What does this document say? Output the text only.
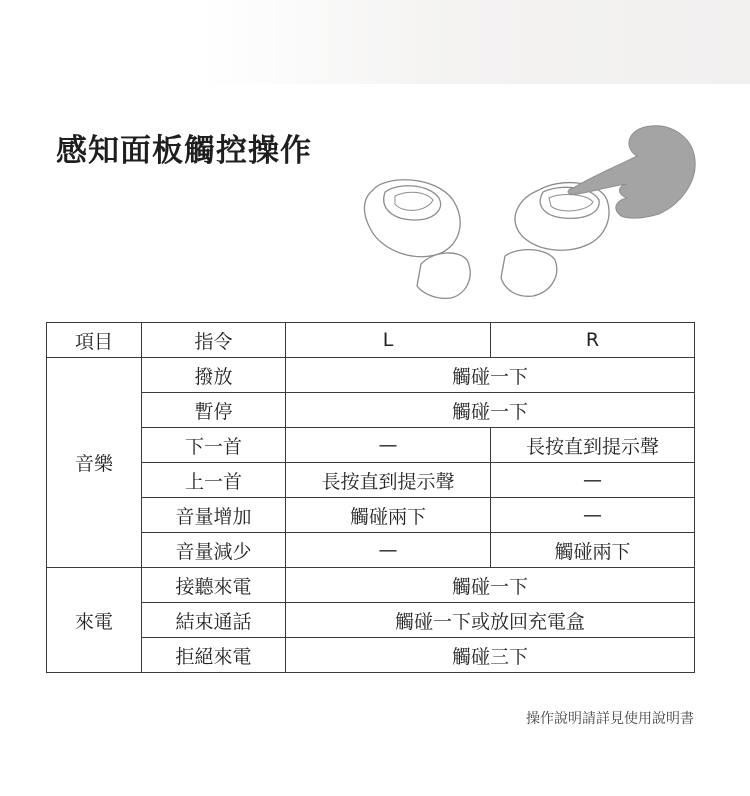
感知面板觸控操作
項目	指令	L	R
音樂	撥放	觸碰一下	
	暫停	觸碰一下	
	下一首	—	長按直到提示聲
	上一首	長按直到提示聲	—
	音量增加	觸碰兩下	—
	音量減少	—	觸碰兩下
來電	接聽來電	觸碰一下	
	結束通話	觸碰一下或放回充電盒	
	拒絕來電	觸碰三下	
操作說明請詳見使用說明書
